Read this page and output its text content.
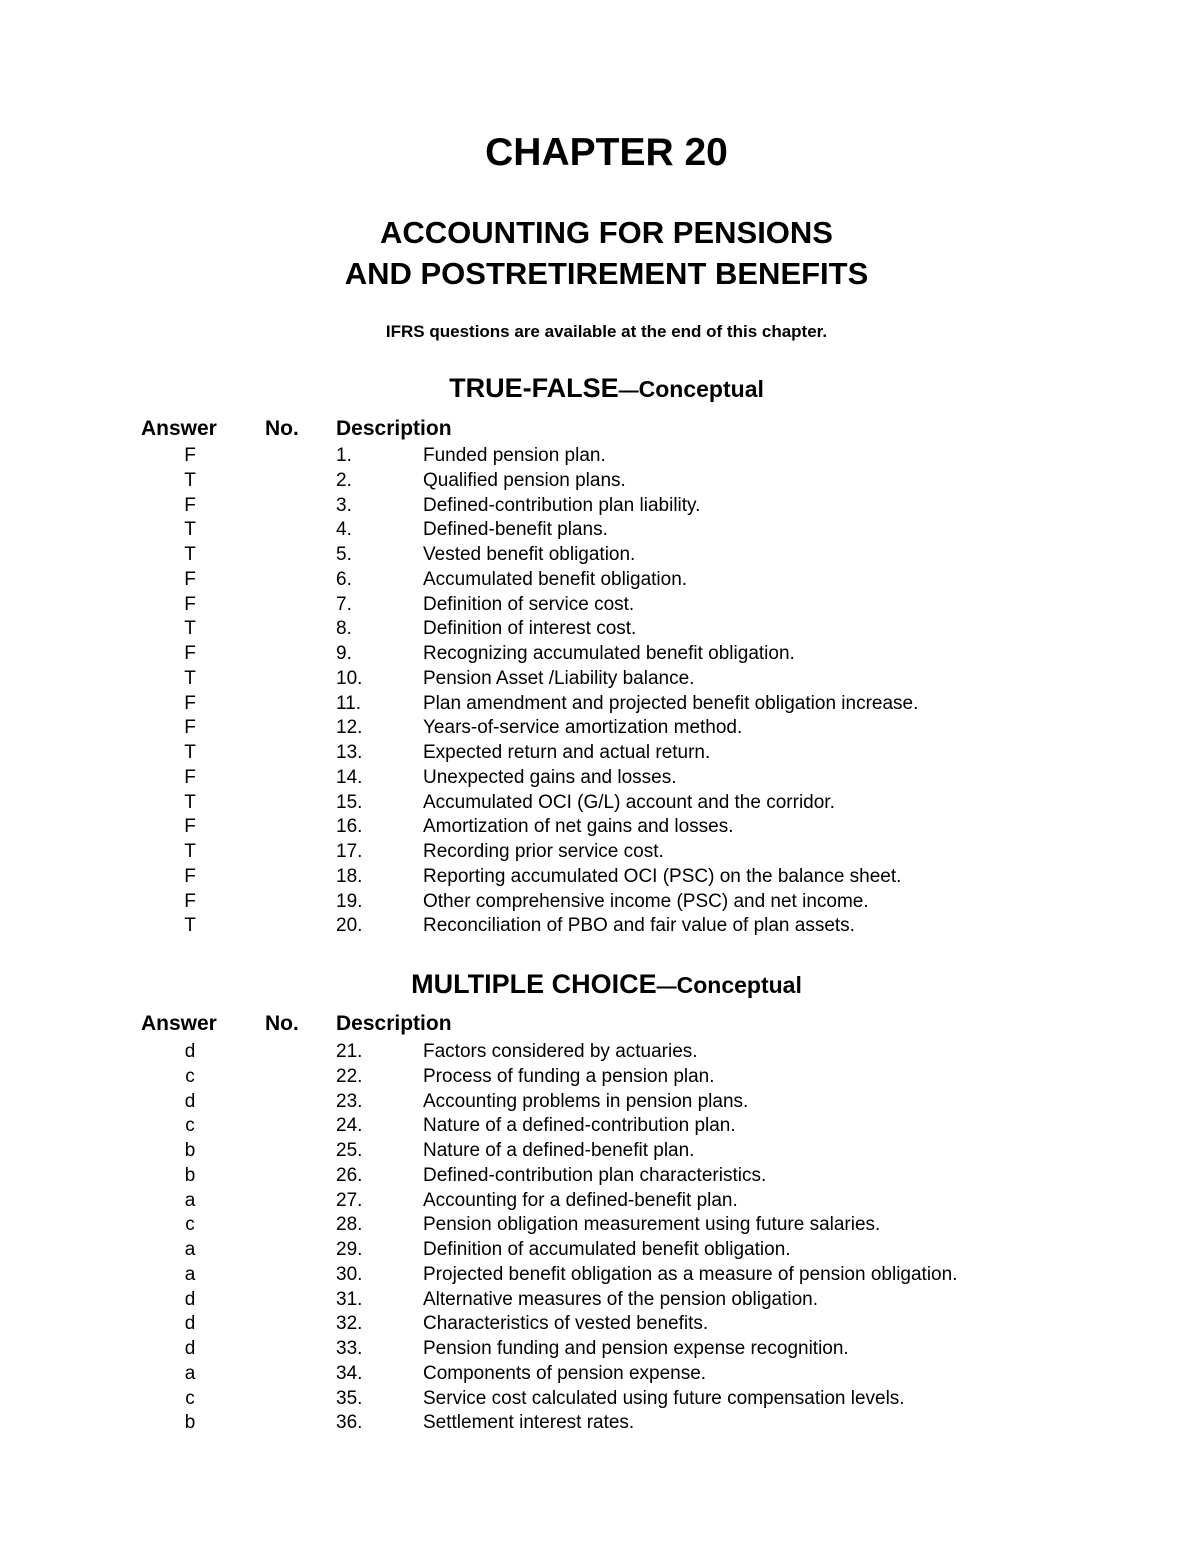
CHAPTER 20
ACCOUNTING FOR PENSIONS
AND POSTRETIREMENT BENEFITS
IFRS questions are available at the end of this chapter.
TRUE-FALSE—Conceptual
Answer No. Description
F	1.	Funded pension plan.
T	2.	Qualified pension plans.
F	3.	Defined-contribution plan liability.
T	4.	Defined-benefit plans.
T	5.	Vested benefit obligation.
F	6.	Accumulated benefit obligation.
F	7.	Definition of service cost.
T	8.	Definition of interest cost.
F	9.	Recognizing accumulated benefit obligation.
T	10.	Pension Asset /Liability balance.
F	11.	Plan amendment and projected benefit obligation increase.
F	12.	Years-of-service amortization method.
T	13.	Expected return and actual return.
F	14.	Unexpected gains and losses.
T	15.	Accumulated OCI (G/L) account and the corridor.
F	16.	Amortization of net gains and losses.
T	17.	Recording prior service cost.
F	18.	Reporting accumulated OCI (PSC) on the balance sheet.
F	19.	Other comprehensive income (PSC) and net income.
T	20.	Reconciliation of PBO and fair value of plan assets.
MULTIPLE CHOICE—Conceptual
Answer No. Description
d	21.	Factors considered by actuaries.
c	22.	Process of funding a pension plan.
d	23.	Accounting problems in pension plans.
c	24.	Nature of a defined-contribution plan.
b	25.	Nature of a defined-benefit plan.
b	26.	Defined-contribution plan characteristics.
a	27.	Accounting for a defined-benefit plan.
c	28.	Pension obligation measurement using future salaries.
a	29.	Definition of accumulated benefit obligation.
a	30.	Projected benefit obligation as a measure of pension obligation.
d	31.	Alternative measures of the pension obligation.
d	32.	Characteristics of vested benefits.
d	33.	Pension funding and pension expense recognition.
a	34.	Components of pension expense.
c	35.	Service cost calculated using future compensation levels.
b	36.	Settlement interest rates.
